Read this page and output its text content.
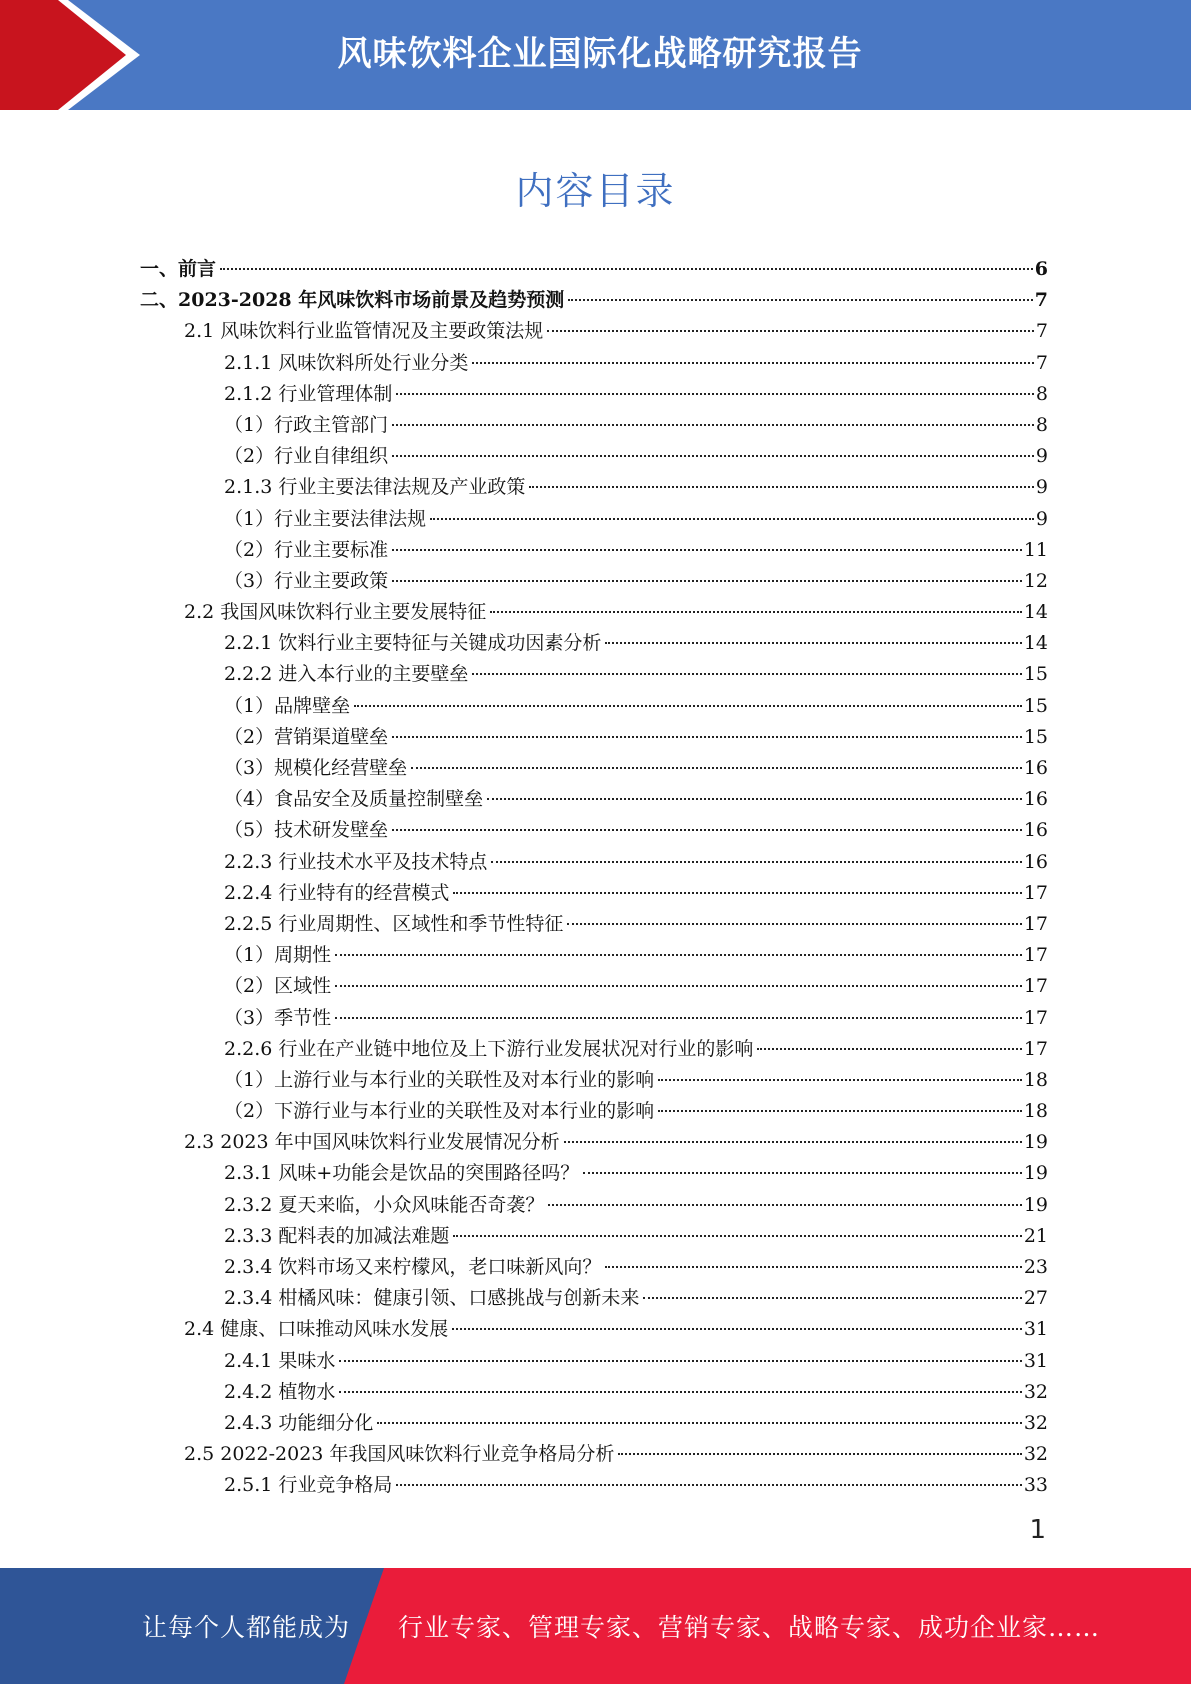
风味饮料企业国际化战略研究报告
内容目录
一、前言	6
二、2023-2028 年风味饮料市场前景及趋势预测	7
2.1 风味饮料行业监管情况及主要政策法规	7
2.1.1 风味饮料所处行业分类	7
2.1.2 行业管理体制	8
（1）行政主管部门	8
（2）行业自律组织	9
2.1.3 行业主要法律法规及产业政策	9
（1）行业主要法律法规	9
（2）行业主要标准	11
（3）行业主要政策	12
2.2 我国风味饮料行业主要发展特征	14
2.2.1 饮料行业主要特征与关键成功因素分析	14
2.2.2 进入本行业的主要壁垒	15
（1）品牌壁垒	15
（2）营销渠道壁垒	15
（3）规模化经营壁垒	16
（4）食品安全及质量控制壁垒	16
（5）技术研发壁垒	16
2.2.3 行业技术水平及技术特点	16
2.2.4 行业特有的经营模式	17
2.2.5 行业周期性、区域性和季节性特征	17
（1）周期性	17
（2）区域性	17
（3）季节性	17
2.2.6 行业在产业链中地位及上下游行业发展状况对行业的影响	17
（1）上游行业与本行业的关联性及对本行业的影响	18
（2）下游行业与本行业的关联性及对本行业的影响	18
2.3 2023 年中国风味饮料行业发展情况分析	19
2.3.1 风味+功能会是饮品的突围路径吗？	19
2.3.2 夏天来临，小众风味能否奇袭？	19
2.3.3 配料表的加减法难题	21
2.3.4 饮料市场又来柠檬风，老口味新风向？	23
2.3.4 柑橘风味：健康引领、口感挑战与创新未来	27
2.4 健康、口味推动风味水发展	31
2.4.1 果味水	31
2.4.2 植物水	32
2.4.3 功能细分化	32
2.5 2022-2023 年我国风味饮料行业竞争格局分析	32
2.5.1 行业竞争格局	33
1
让每个人都能成为 行业专家、管理专家、营销专家、战略专家、成功企业家……
